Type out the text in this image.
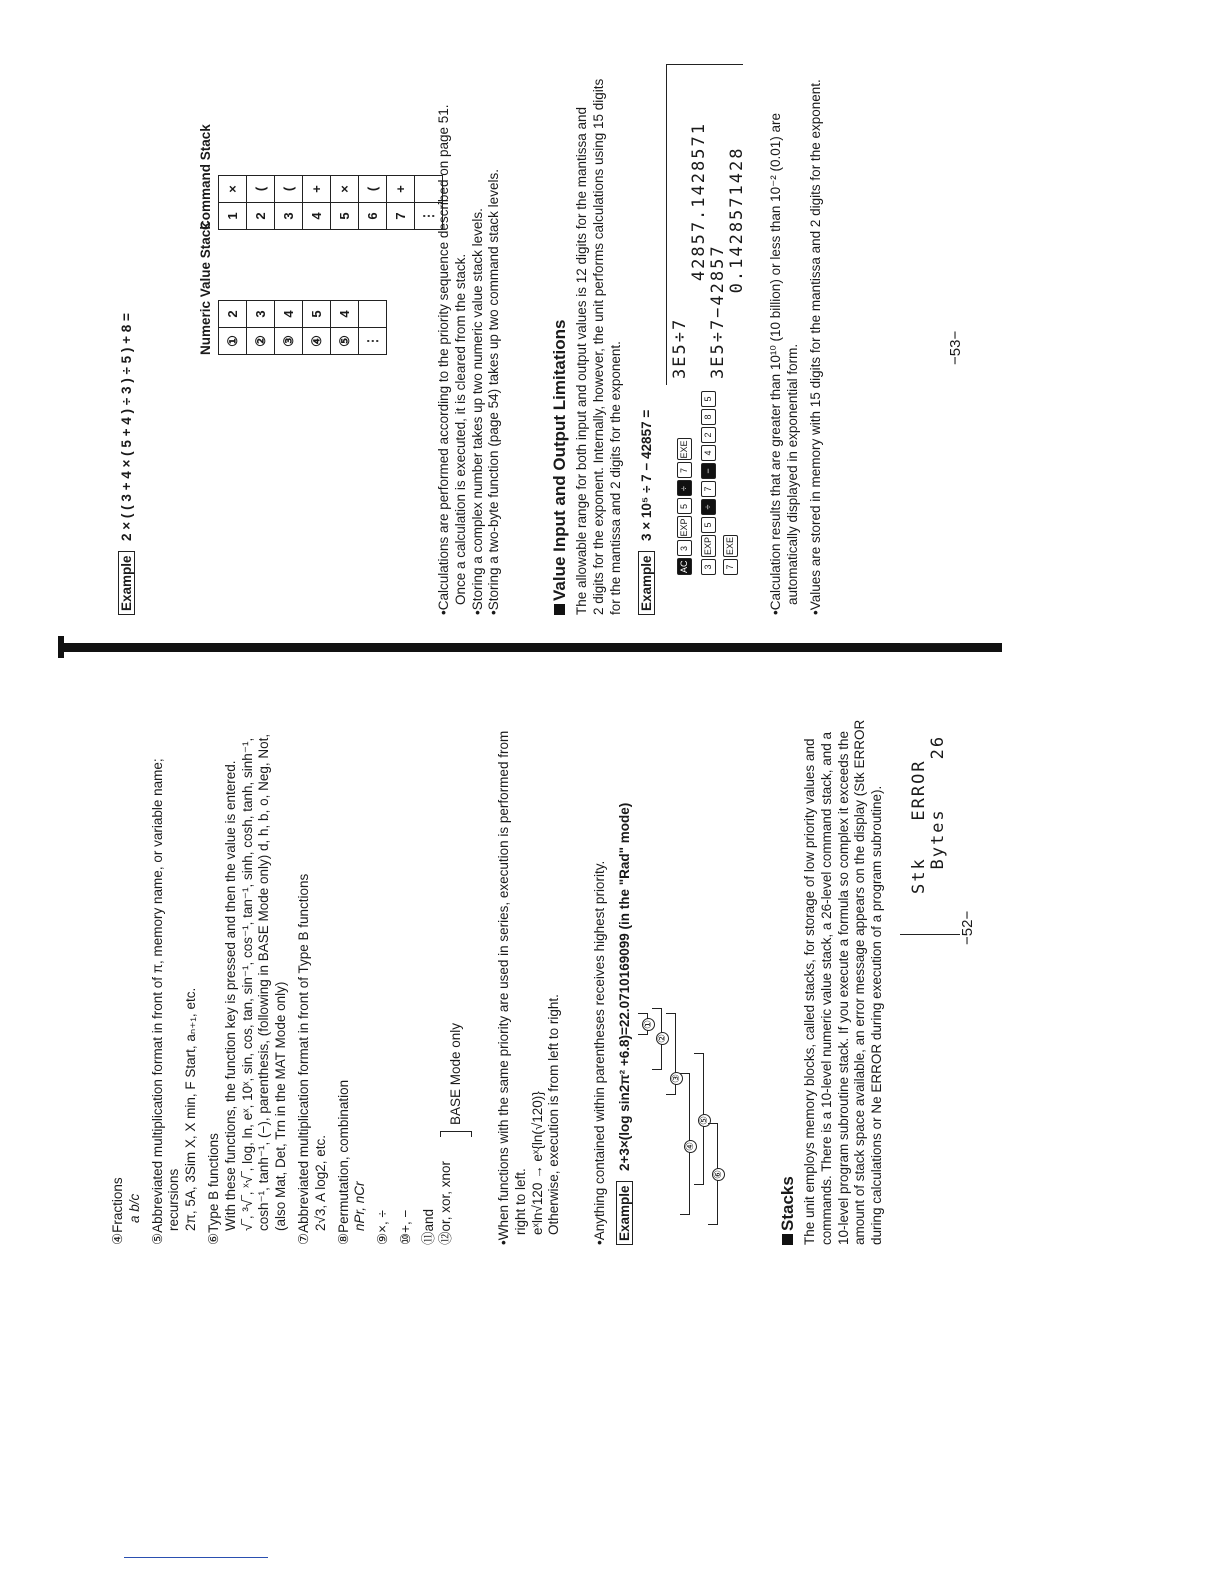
④Fractions a b/c ⑤Abbreviated multiplication format in front of π, memory name, or variable name; recursions 2π, 5A, 3Sim X, X min, F Start, aₙ₊₁, etc. ⑥Type B functions With these functions, the function key is pressed and then the value is entered. √‾, ³√‾, ˣ√‾, log, ln, eˣ, 10ˣ, sin, cos, tan, sin⁻¹, cos⁻¹, tan⁻¹, sinh, cosh, tanh, sinh⁻¹, cosh⁻¹, tanh⁻¹, (−), parenthesis, (following in BASE Mode only) d, h, b, o, Neg, Not, (also Mat, Det, Trn in the MAT Mode only) ⑦Abbreviated multiplication format in front of Type B functions 2√3, A log2, etc. ⑧Permutation, combination nPr, nCr ⑨×, ÷ ⑩+, − ⑪and ⑫or, xor, xnor
BASE Mode only •When functions with the same priority are used in series, execution is performed from right to left. eˣln√120 → eˣ{ln(√120)} Otherwise, execution is from left to right. •Anything contained within parentheses receives highest priority. Example 2+3×(log sin2π² +6.8)=22.07101690​99 (in the "Rad" mode) ①
②
③
④
⑤
⑥
Stacks The unit employs memory blocks, called stacks, for storage of low priority values and commands. There is a 10-level numeric value stack, a 26-level command stack, and a 10-level program subroutine stack. If you execute a formula so complex it exceeds the amount of stack space available, an error message appears on the display (Stk ERROR during calculations or Ne ERROR during execution of a program subroutine). Stk   ERROR Bytes    26
−52−
Example 2 × ( ( 3 + 4 × ( 5 + 4 ) ÷ 3 ) ÷ 5 ) + 8 =
Numeric Value Stack
Command Stack
①	2
②	3
③	4
④	5
⑤	4
⋮	
1	×
2	(
3	(
4	+
5	×
6	(
7	+
⋮	•Calculations are performed according to the priority sequence described on page 51. Once a calculation is executed, it is cleared from the stack. •Storing a complex number takes up two numeric value stack levels. •Storing a two-byte function (page 54) takes up two command stack levels.	Value Input and Output Limitations The allowable range for both input and output values is 12 digits for the mantissa and 2 digits for the exponent. Internally, however, the unit performs calculations using 15 digits for the mantissa and 2 digits for the exponent. Example 3 × 10⁵ ÷ 7 − 42857 =
AC3EXP5÷7EXE
3EXP5÷7−4285
7EXE
3E5÷7 42857.1428571 3E5÷7−42857 0.1428571428 •Calculation results that are greater than 10¹⁰ (10 billion) or less than 10⁻² (0.01) are automatically displayed in exponential form. •Values are stored in memory with 15 digits for the mantissa and 2 digits for the exponent.	−53−
